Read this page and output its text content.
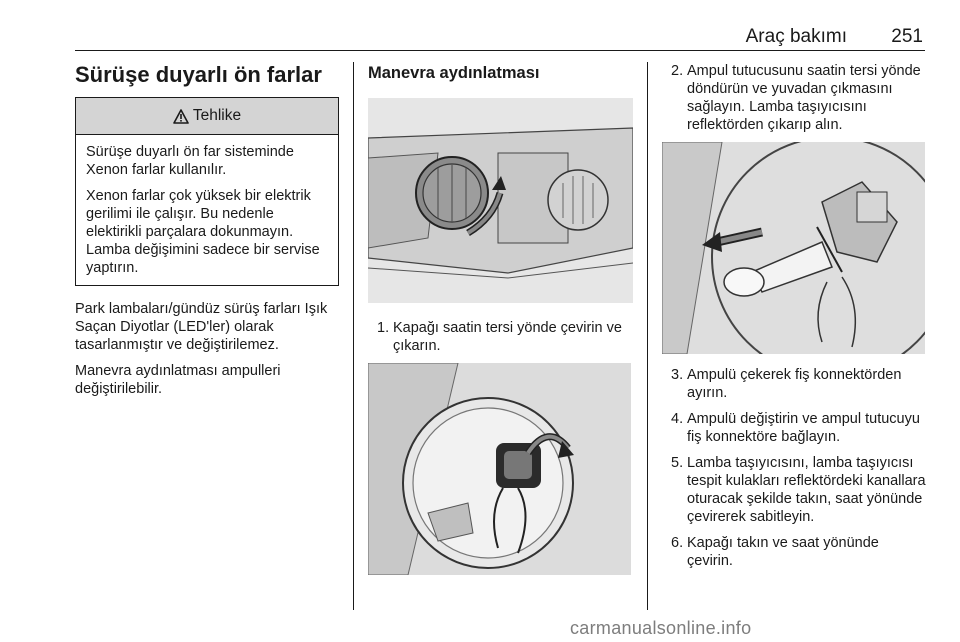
Araç bakımı 251
Sürüşe duyarlı ön farlar
Tehlike

Sürüşe duyarlı ön far sisteminde Xenon farlar kullanılır.

Xenon farlar çok yüksek bir elektrik gerilimi ile çalışır. Bu nedenle elektirikli parçalara dokunmayın. Lamba değişimini sadece bir servise yaptırın.

Park lambaları/gündüz sürüş farları Işık Saçan Diyotlar (LED'ler) olarak tasarlanmıştır ve değiştirilemez.

Manevra aydınlatması ampulleri değiştirilebilir.

Manevra aydınlatması
1. Kapağı saatin tersi yönde çevirin ve çıkarın.
2. Ampul tutucusunu saatin tersi yönde döndürün ve yuvadan çıkmasını sağlayın. Lamba taşıyıcısını reflektörden çıkarıp alın.
3. Ampulü çekerek fiş konnektörden ayırın.
4. Ampulü değiştirin ve ampul tutucuyu fiş konnektöre bağlayın.
5. Lamba taşıyıcısını, lamba taşıyıcısı tespit kulakları reflektördeki kanallara oturacak şekilde takın, saat yönünde çevirerek sabitleyin.
6. Kapağı takın ve saat yönünde çevirin.
carmanualsonline.info
